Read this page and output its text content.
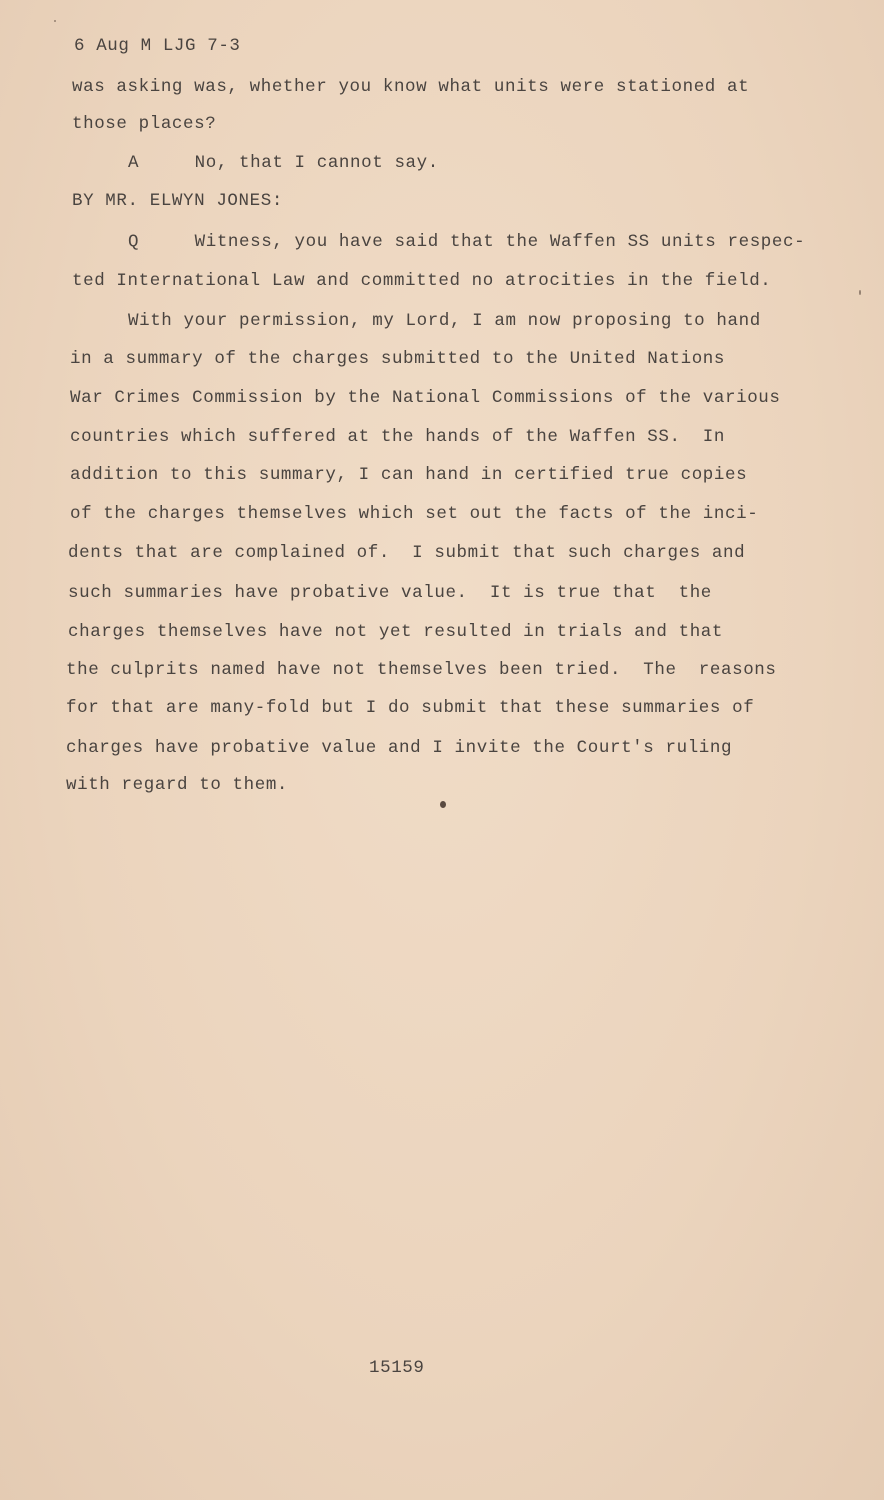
6 Aug M LJG 7-3
was asking was, whether you know what units were stationed at
those places?
A     No, that I cannot say.
BY MR. ELWYN JONES:
Q     Witness, you have said that the Waffen SS units respec-
ted International Law and committed no atrocities in the field.
With your permission, my Lord, I am now proposing to hand
in a summary of the charges submitted to the United Nations
War Crimes Commission by the National Commissions of the various
countries which suffered at the hands of the Waffen SS.  In
addition to this summary, I can hand in certified true copies
of the charges themselves which set out the facts of the inci-
dents that are complained of.  I submit that such charges and
such summaries have probative value.  It is true that  the
charges themselves have not yet resulted in trials and that
the culprits named have not themselves been tried.  The  reasons
for that are many-fold but I do submit that these summaries of
charges have probative value and I invite the Court's ruling
with regard to them.
15159
